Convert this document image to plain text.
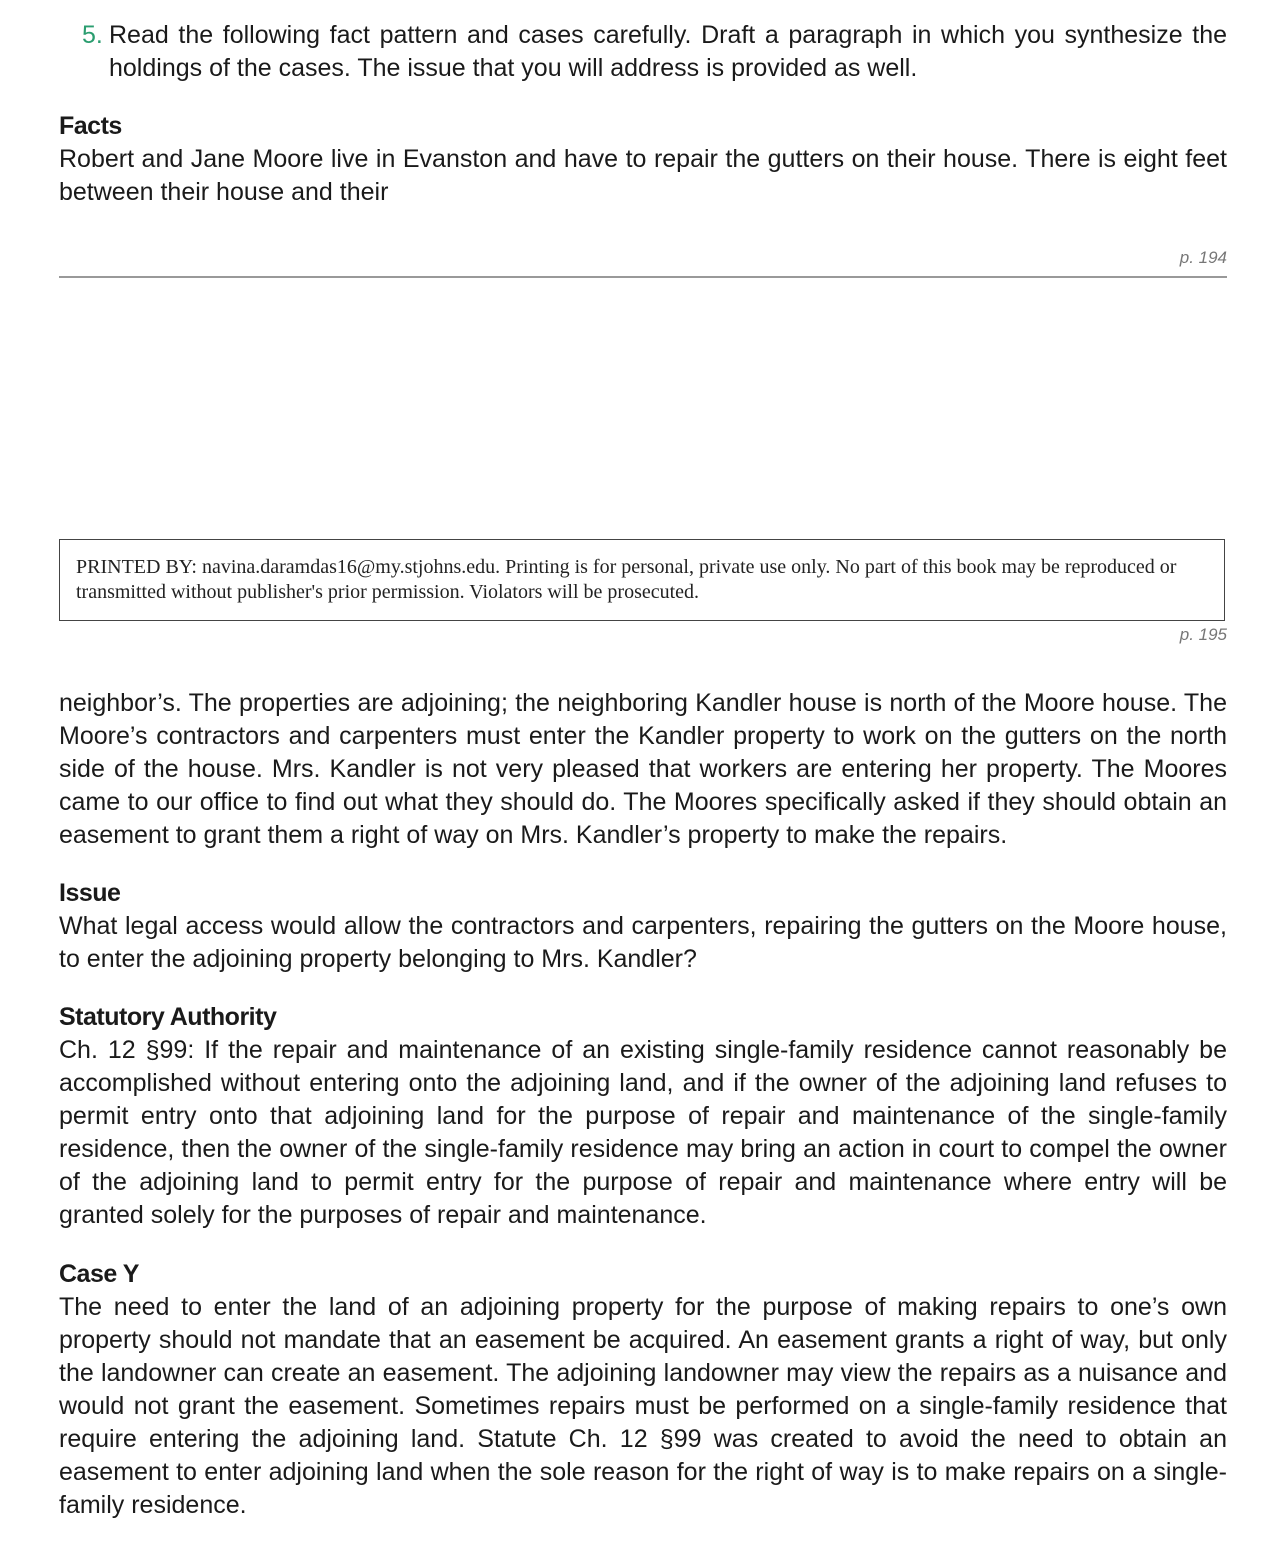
5. Read the following fact pattern and cases carefully. Draft a paragraph in which you synthesize the holdings of the cases. The issue that you will address is provided as well.

Facts

Robert and Jane Moore live in Evanston and have to repair the gutters on their house. There is eight feet between their house and their

p. 194
PRINTED BY: navina.daramdas16@my.stjohns.edu. Printing is for personal, private use only. No part of this book may be reproduced or transmitted without publisher's prior permission. Violators will be prosecuted.
p. 195

neighbor’s. The properties are adjoining; the neighboring Kandler house is north of the Moore house. The Moore’s contractors and carpenters must enter the Kandler property to work on the gutters on the north side of the house. Mrs. Kandler is not very pleased that workers are entering her property. The Moores came to our office to find out what they should do. The Moores specifically asked if they should obtain an easement to grant them a right of way on Mrs. Kandler’s property to make the repairs.

Issue

What legal access would allow the contractors and carpenters, repairing the gutters on the Moore house, to enter the adjoining property belonging to Mrs. Kandler?

Statutory Authority

Ch. 12 §99: If the repair and maintenance of an existing single-family residence cannot reasonably be accomplished without entering onto the adjoining land, and if the owner of the adjoining land refuses to permit entry onto that adjoining land for the purpose of repair and maintenance of the single-family residence, then the owner of the single-family residence may bring an action in court to compel the owner of the adjoining land to permit entry for the purpose of repair and maintenance where entry will be granted solely for the purposes of repair and maintenance.

Case Y

The need to enter the land of an adjoining property for the purpose of making repairs to one’s own property should not mandate that an easement be acquired. An easement grants a right of way, but only the landowner can create an easement. The adjoining landowner may view the repairs as a nuisance and would not grant the easement. Sometimes repairs must be performed on a single-family residence that require entering the adjoining land. Statute Ch. 12 §99 was created to avoid the need to obtain an easement to enter adjoining land when the sole reason for the right of way is to make repairs on a single-family residence.
